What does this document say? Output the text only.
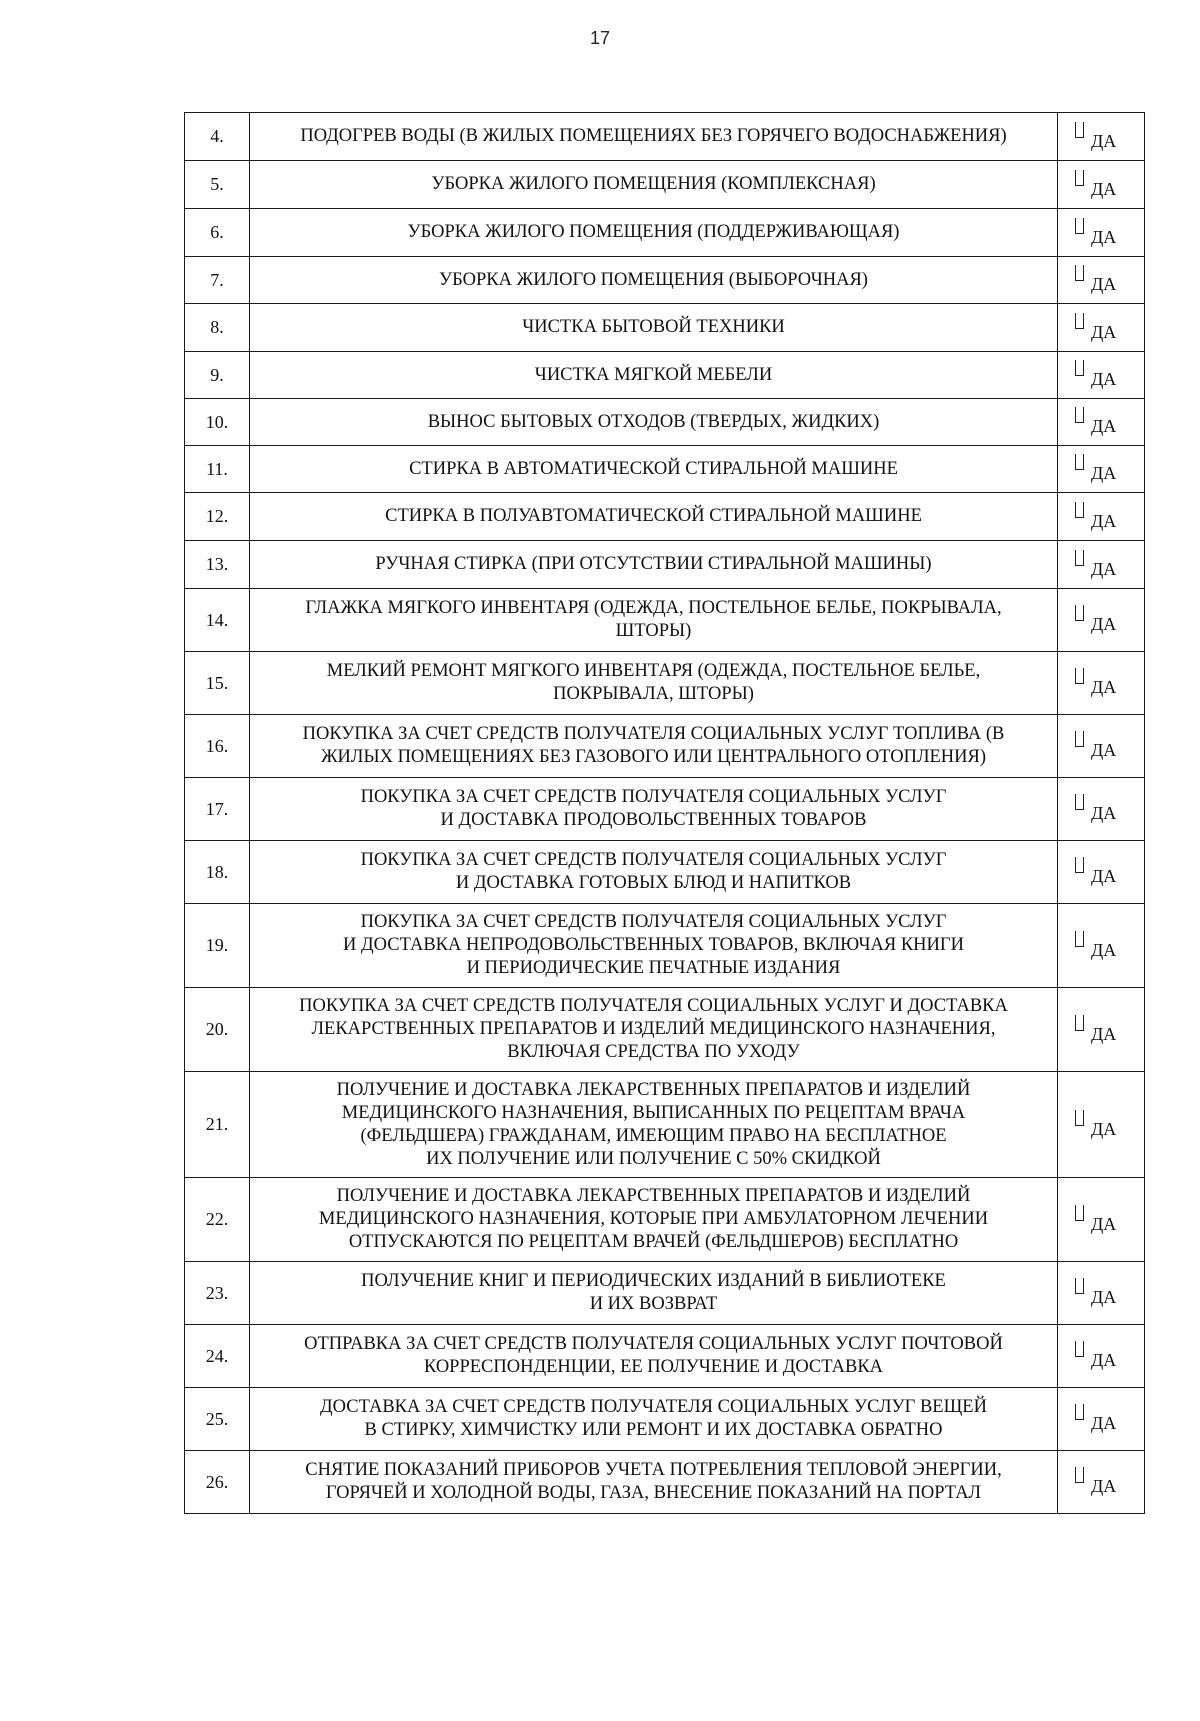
17
4.	ПОДОГРЕВ ВОДЫ (В ЖИЛЫХ ПОМЕЩЕНИЯХ БЕЗ ГОРЯЧЕГО ВОДОСНАБЖЕНИЯ)	ДА
5.	УБОРКА ЖИЛОГО ПОМЕЩЕНИЯ (КОМПЛЕКСНАЯ)	ДА
6.	УБОРКА ЖИЛОГО ПОМЕЩЕНИЯ (ПОДДЕРЖИВАЮЩАЯ)	ДА
7.	УБОРКА ЖИЛОГО ПОМЕЩЕНИЯ (ВЫБОРОЧНАЯ)	ДА
8.	ЧИСТКА БЫТОВОЙ ТЕХНИКИ	ДА
9.	ЧИСТКА МЯГКОЙ МЕБЕЛИ	ДА
10.	ВЫНОС БЫТОВЫХ ОТХОДОВ (ТВЕРДЫХ, ЖИДКИХ)	ДА
11.	СТИРКА В АВТОМАТИЧЕСКОЙ СТИРАЛЬНОЙ МАШИНЕ	ДА
12.	СТИРКА В ПОЛУАВТОМАТИЧЕСКОЙ СТИРАЛЬНОЙ МАШИНЕ	ДА
13.	РУЧНАЯ СТИРКА (ПРИ ОТСУТСТВИИ СТИРАЛЬНОЙ МАШИНЫ)	ДА
14.	ГЛАЖКА МЯГКОГО ИНВЕНТАРЯ (ОДЕЖДА, ПОСТЕЛЬНОЕ БЕЛЬЕ, ПОКРЫВАЛА,
ШТОРЫ)	ДА
15.	МЕЛКИЙ РЕМОНТ МЯГКОГО ИНВЕНТАРЯ (ОДЕЖДА, ПОСТЕЛЬНОЕ БЕЛЬЕ,
ПОКРЫВАЛА, ШТОРЫ)	ДА
16.	ПОКУПКА ЗА СЧЕТ СРЕДСТВ ПОЛУЧАТЕЛЯ СОЦИАЛЬНЫХ УСЛУГ ТОПЛИВА (В
ЖИЛЫХ ПОМЕЩЕНИЯХ БЕЗ ГАЗОВОГО ИЛИ ЦЕНТРАЛЬНОГО ОТОПЛЕНИЯ)	ДА
17.	ПОКУПКА ЗА СЧЕТ СРЕДСТВ ПОЛУЧАТЕЛЯ СОЦИАЛЬНЫХ УСЛУГ
И ДОСТАВКА ПРОДОВОЛЬСТВЕННЫХ ТОВАРОВ	ДА
18.	ПОКУПКА ЗА СЧЕТ СРЕДСТВ ПОЛУЧАТЕЛЯ СОЦИАЛЬНЫХ УСЛУГ
И ДОСТАВКА ГОТОВЫХ БЛЮД И НАПИТКОВ	ДА
19.	ПОКУПКА ЗА СЧЕТ СРЕДСТВ ПОЛУЧАТЕЛЯ СОЦИАЛЬНЫХ УСЛУГ
И ДОСТАВКА НЕПРОДОВОЛЬСТВЕННЫХ ТОВАРОВ, ВКЛЮЧАЯ КНИГИ
И ПЕРИОДИЧЕСКИЕ ПЕЧАТНЫЕ ИЗДАНИЯ	ДА
20.	ПОКУПКА ЗА СЧЕТ СРЕДСТВ ПОЛУЧАТЕЛЯ СОЦИАЛЬНЫХ УСЛУГ И ДОСТАВКА
ЛЕКАРСТВЕННЫХ ПРЕПАРАТОВ И ИЗДЕЛИЙ МЕДИЦИНСКОГО НАЗНАЧЕНИЯ,
ВКЛЮЧАЯ СРЕДСТВА ПО УХОДУ	ДА
21.	ПОЛУЧЕНИЕ И ДОСТАВКА ЛЕКАРСТВЕННЫХ ПРЕПАРАТОВ И ИЗДЕЛИЙ
МЕДИЦИНСКОГО НАЗНАЧЕНИЯ, ВЫПИСАННЫХ ПО РЕЦЕПТАМ ВРАЧА
(ФЕЛЬДШЕРА) ГРАЖДАНАМ, ИМЕЮЩИМ ПРАВО НА БЕСПЛАТНОЕ
ИХ ПОЛУЧЕНИЕ ИЛИ ПОЛУЧЕНИЕ С 50% СКИДКОЙ	ДА
22.	ПОЛУЧЕНИЕ И ДОСТАВКА ЛЕКАРСТВЕННЫХ ПРЕПАРАТОВ И ИЗДЕЛИЙ
МЕДИЦИНСКОГО НАЗНАЧЕНИЯ, КОТОРЫЕ ПРИ АМБУЛАТОРНОМ ЛЕЧЕНИИ
ОТПУСКАЮТСЯ ПО РЕЦЕПТАМ ВРАЧЕЙ (ФЕЛЬДШЕРОВ) БЕСПЛАТНО	ДА
23.	ПОЛУЧЕНИЕ КНИГ И ПЕРИОДИЧЕСКИХ ИЗДАНИЙ В БИБЛИОТЕКЕ
И ИХ ВОЗВРАТ	ДА
24.	ОТПРАВКА ЗА СЧЕТ СРЕДСТВ ПОЛУЧАТЕЛЯ СОЦИАЛЬНЫХ УСЛУГ ПОЧТОВОЙ
КОРРЕСПОНДЕНЦИИ, ЕЕ ПОЛУЧЕНИЕ И ДОСТАВКА	ДА
25.	ДОСТАВКА ЗА СЧЕТ СРЕДСТВ ПОЛУЧАТЕЛЯ СОЦИАЛЬНЫХ УСЛУГ ВЕЩЕЙ
В СТИРКУ, ХИМЧИСТКУ ИЛИ РЕМОНТ И ИХ ДОСТАВКА ОБРАТНО	ДА
26.	СНЯТИЕ ПОКАЗАНИЙ ПРИБОРОВ УЧЕТА ПОТРЕБЛЕНИЯ ТЕПЛОВОЙ ЭНЕРГИИ,
ГОРЯЧЕЙ И ХОЛОДНОЙ ВОДЫ, ГАЗА, ВНЕСЕНИЕ ПОКАЗАНИЙ НА ПОРТАЛ	ДА
